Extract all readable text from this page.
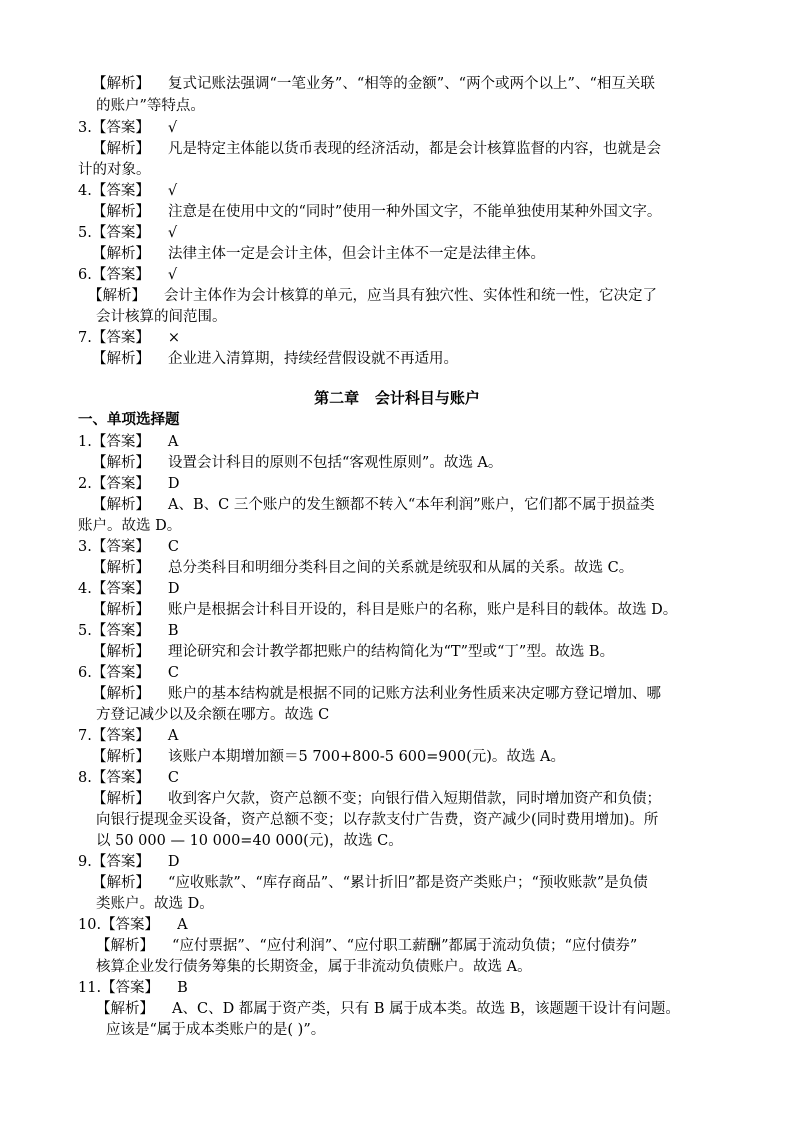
【解析】 复式记账法强调“一笔业务”、“相等的金额”、“两个或两个以上”、“相互关联
的账户”等特点。
3.【答案】 √
【解析】 凡是特定主体能以货币表现的经济活动，都是会计核算监督的内容，也就是会
计的对象。
4.【答案】 √
【解析】 注意是在使用中文的“同时”使用一种外国文字，不能单独使用某种外国文字。
5.【答案】 √
【解析】 法律主体一定是会计主体，但会计主体不一定是法律主体。
6.【答案】 √
【解析】 会计主体作为会计核算的单元，应当具有独穴性、实体性和统一性，它决定了
会计核算的间范围。
7.【答案】 ×
【解析】 企业进入清算期，持续经营假设就不再适用。
第二章   会计科目与账户
一、单项选择题
1.【答案】 A
【解析】 设置会计科目的原则不包括“客观性原则”。故选 A。
2.【答案】 D
【解析】 A、B、C 三个账户的发生额都不转入“本年利润”账户，它们都不属于损益类
账户。故选 D。
3.【答案】 C
【解析】 总分类科目和明细分类科目之间的关系就是统驭和从属的关系。故选 C。
4.【答案】 D
【解析】 账户是根据会计科目开设的，科目是账户的名称，账户是科目的载体。故选 D。
5.【答案】 B
【解析】 理论研究和会计教学都把账户的结构简化为“T”型或“丁”型。故选 B。
6.【答案】 C
【解析】 账户的基本结构就是根据不同的记账方法利业务性质来决定哪方登记增加、哪
方登记减少以及余额在哪方。故选 C
7.【答案】 A
【解析】 该账户本期增加额＝5 700+800-5 600=900(元)。故选 A。
8.【答案】 C
【解析】 收到客户欠款，资产总额不变；向银行借入短期借款，同时增加资产和负债；
向银行提现金买设备，资产总额不变；以存款支付广告费，资产减少(同时费用增加)。所
以 50 000 — 10 000=40 000(元)，故选 C。
9.【答案】 D
【解析】 “应收账款”、“库存商品”、“累计折旧”都是资产类账户；“预收账款”是负债
类账户。故选 D。
10.【答案】 A
【解析】 “应付票据”、“应付利润”、“应付职工薪酬”都属于流动负债；“应付债券”
核算企业发行债务筹集的长期资金，属于非流动负债账户。故选 A。
11.【答案】 B
【解析】 A、C、D 都属于资产类，只有 B 属于成本类。故选 B，该题题干设计有问题。
应该是“属于成本类账户的是( )”。
